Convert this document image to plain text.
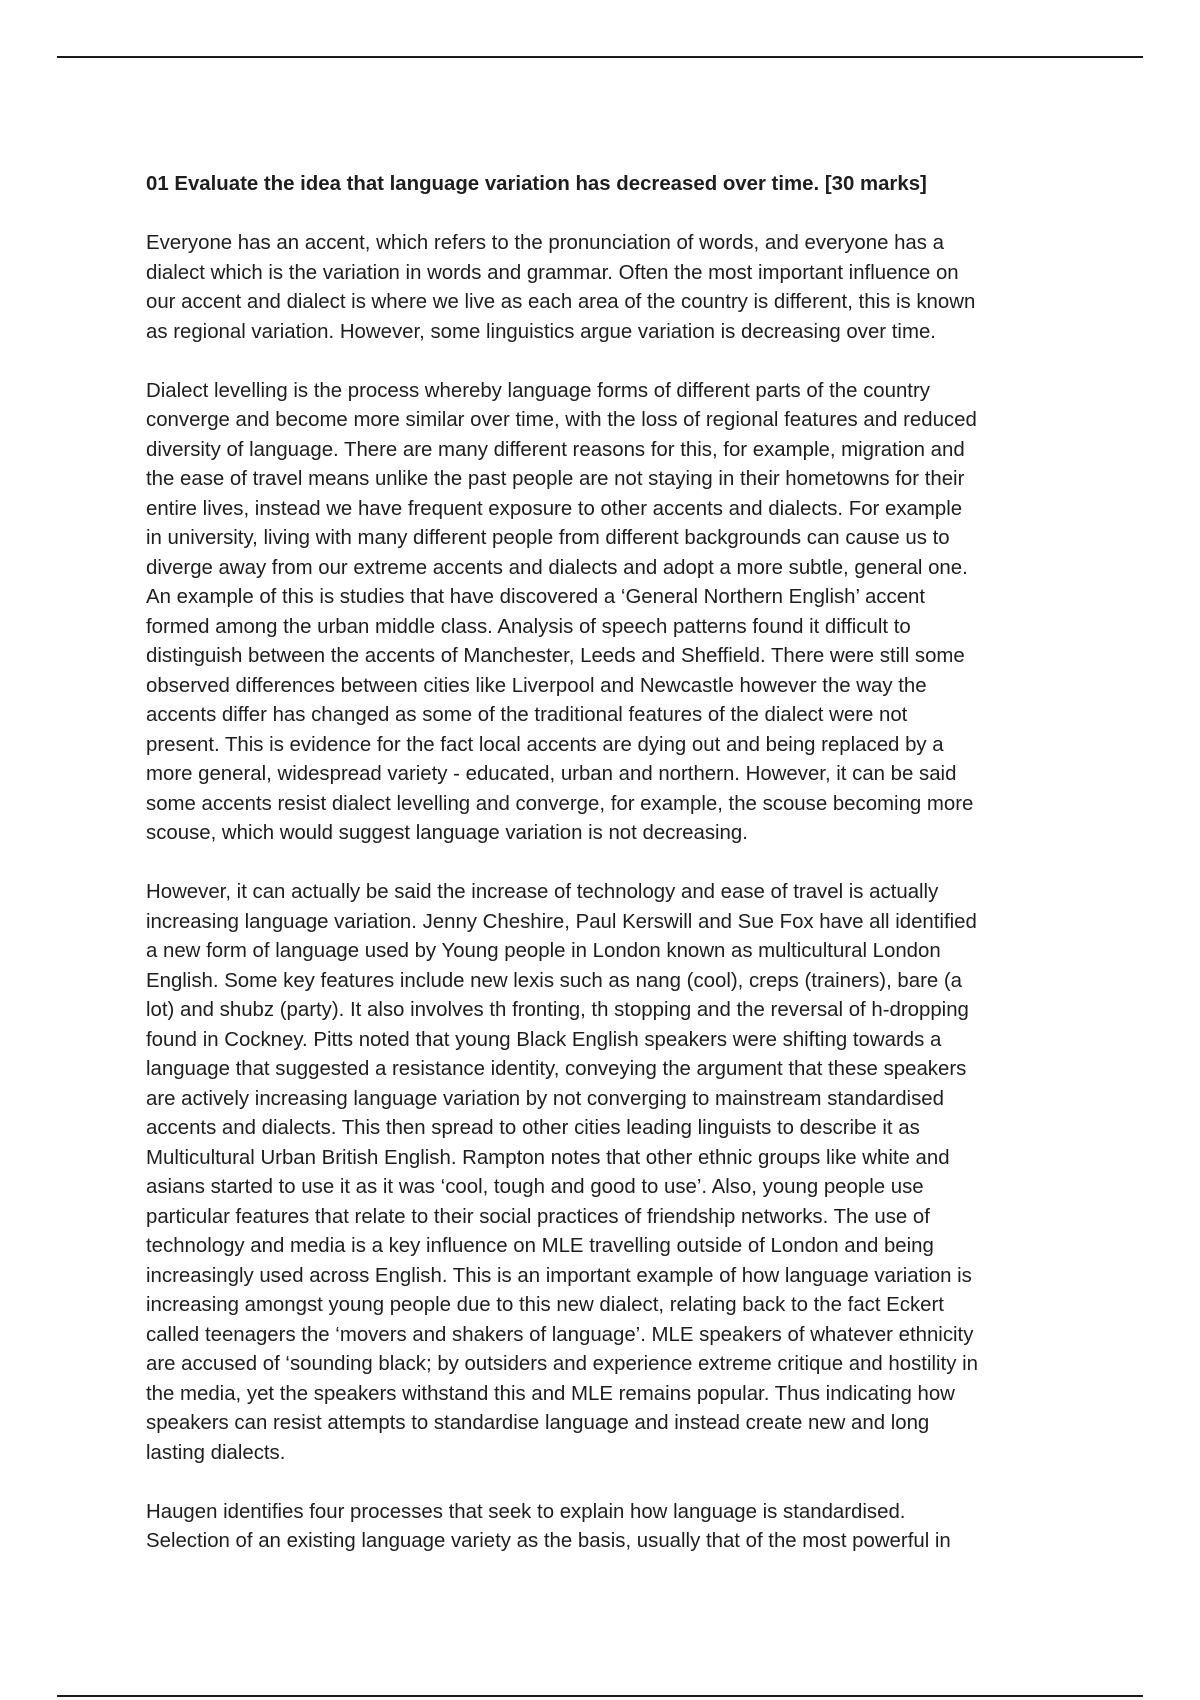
01 Evaluate the idea that language variation has decreased over time. [30 marks]
Everyone has an accent, which refers to the pronunciation of words, and everyone has a
dialect which is the variation in words and grammar. Often the most important influence on
our accent and dialect is where we live as each area of the country is different, this is known
as regional variation. However, some linguistics argue variation is decreasing over time.
Dialect levelling is the process whereby language forms of different parts of the country
converge and become more similar over time, with the loss of regional features and reduced
diversity of language. There are many different reasons for this, for example, migration and
the ease of travel means unlike the past people are not staying in their hometowns for their
entire lives, instead we have frequent exposure to other accents and dialects. For example
in university, living with many different people from different backgrounds can cause us to
diverge away from our extreme accents and dialects and adopt a more subtle, general one.
An example of this is studies that have discovered a ‘General Northern English’ accent
formed among the urban middle class. Analysis of speech patterns found it difficult to
distinguish between the accents of Manchester, Leeds and Sheffield. There were still some
observed differences between cities like Liverpool and Newcastle however the way the
accents differ has changed as some of the traditional features of the dialect were not
present. This is evidence for the fact local accents are dying out and being replaced by a
more general, widespread variety - educated, urban and northern. However, it can be said
some accents resist dialect levelling and converge, for example, the scouse becoming more
scouse, which would suggest language variation is not decreasing.
However, it can actually be said the increase of technology and ease of travel is actually
increasing language variation. Jenny Cheshire, Paul Kerswill and Sue Fox have all identified
a new form of language used by Young people in London known as multicultural London
English. Some key features include new lexis such as nang (cool), creps (trainers), bare (a
lot) and shubz (party). It also involves th fronting, th stopping and the reversal of h-dropping
found in Cockney. Pitts noted that young Black English speakers were shifting towards a
language that suggested a resistance identity, conveying the argument that these speakers
are actively increasing language variation by not converging to mainstream standardised
accents and dialects. This then spread to other cities leading linguists to describe it as
Multicultural Urban British English. Rampton notes that other ethnic groups like white and
asians started to use it as it was ‘cool, tough and good to use’. Also, young people use
particular features that relate to their social practices of friendship networks. The use of
technology and media is a key influence on MLE travelling outside of London and being
increasingly used across English. This is an important example of how language variation is
increasing amongst young people due to this new dialect, relating back to the fact Eckert
called teenagers the ‘movers and shakers of language’. MLE speakers of whatever ethnicity
are accused of ‘sounding black; by outsiders and experience extreme critique and hostility in
the media, yet the speakers withstand this and MLE remains popular. Thus indicating how
speakers can resist attempts to standardise language and instead create new and long
lasting dialects.
Haugen identifies four processes that seek to explain how language is standardised.
Selection of an existing language variety as the basis, usually that of the most powerful in
